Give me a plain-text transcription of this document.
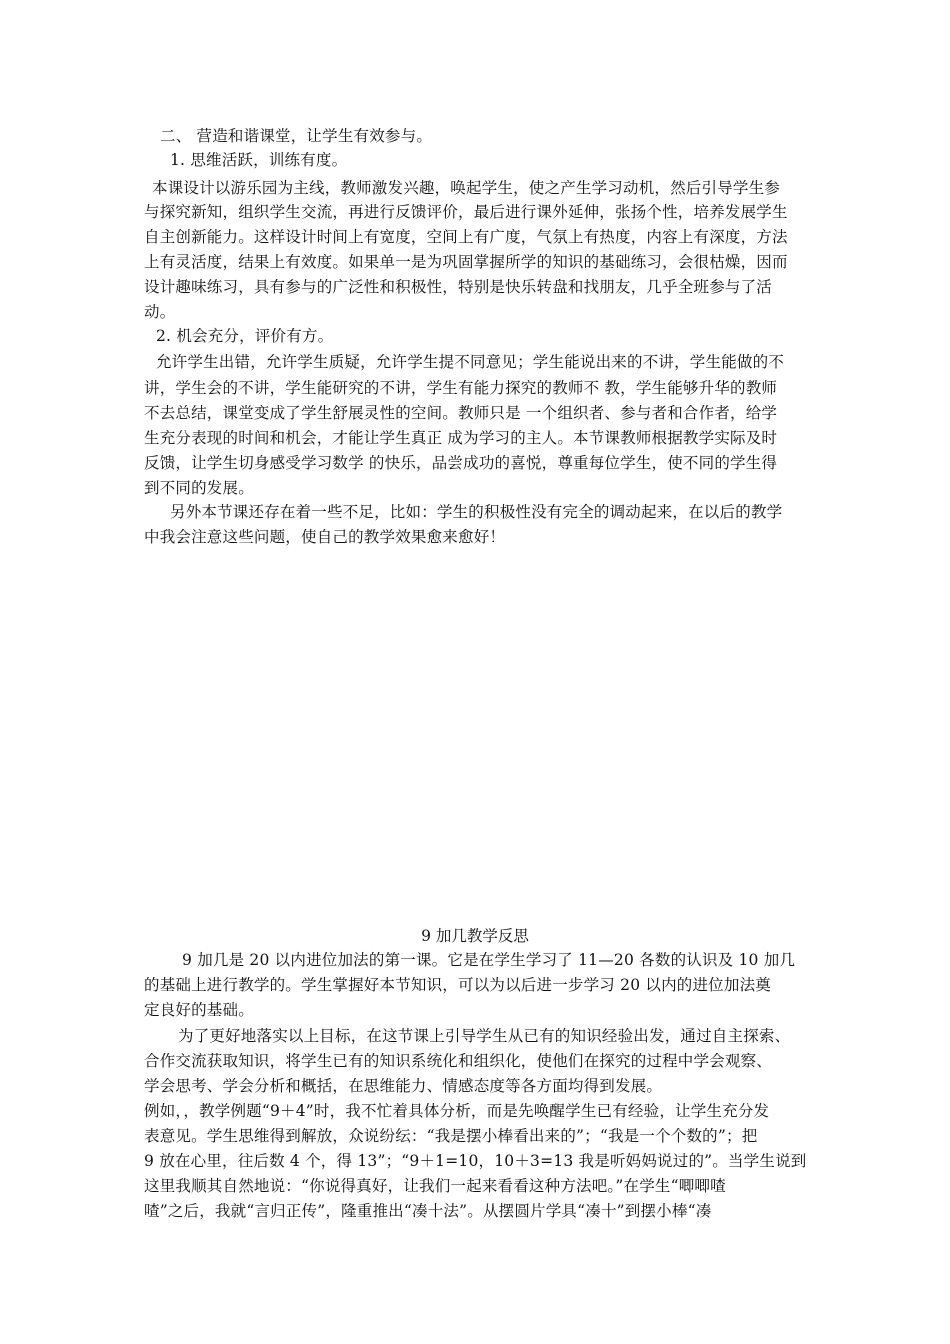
二、 营造和谐课堂，让学生有效参与。
1. 思维活跃，训练有度。
本课设计以游乐园为主线，教师激发兴趣，唤起学生，使之产生学习动机，然后引导学生参
与探究新知，组织学生交流，再进行反馈评价，最后进行课外延伸，张扬个性，培养发展学生
自主创新能力。这样设计时间上有宽度，空间上有广度，气氛上有热度，内容上有深度，方法
上有灵活度，结果上有效度。如果单一是为巩固掌握所学的知识的基础练习，会很枯燥，因而
设计趣味练习，具有参与的广泛性和积极性，特别是快乐转盘和找朋友，几乎全班参与了活
动。
2. 机会充分，评价有方。
允许学生出错，允许学生质疑，允许学生提不同意见；学生能说出来的不讲，学生能做的不
讲，学生会的不讲，学生能研究的不讲，学生有能力探究的教师不 教，学生能够升华的教师
不去总结，课堂变成了学生舒展灵性的空间。教师只是 一个组织者、参与者和合作者，给学
生充分表现的时间和机会，才能让学生真正 成为学习的主人。本节课教师根据教学实际及时
反馈，让学生切身感受学习数学 的快乐，品尝成功的喜悦，尊重每位学生，使不同的学生得
到不同的发展。
另外本节课还存在着一些不足，比如：学生的积极性没有完全的调动起来，在以后的教学
中我会注意这些问题，使自己的教学效果愈来愈好！
9 加几教学反思
9 加几是 20 以内进位加法的第一课。它是在学生学习了 11—20 各数的认识及 10 加几
的基础上进行教学的。学生掌握好本节知识，可以为以后进一步学习 20 以内的进位加法奠
定良好的基础。
为了更好地落实以上目标，在这节课上引导学生从已有的知识经验出发，通过自主探索、
合作交流获取知识，将学生已有的知识系统化和组织化，使他们在探究的过程中学会观察、
学会思考、学会分析和概括，在思维能力、情感态度等各方面均得到发展。
例如，，教学例题“9＋4”时，我不忙着具体分析，而是先唤醒学生已有经验，让学生充分发
表意见。学生思维得到解放，众说纷纭：“我是摆小棒看出来的”；“我是一个个数的”；把
9 放在心里，往后数 4 个，得 13”；“9＋1=10，10＋3=13 我是听妈妈说过的”。当学生说到
这里我顺其自然地说：“你说得真好，让我们一起来看看这种方法吧。”在学生“唧唧喳
喳”之后，我就“言归正传”，隆重推出“凑十法”。从摆圆片学具“凑十”到摆小棒“凑
